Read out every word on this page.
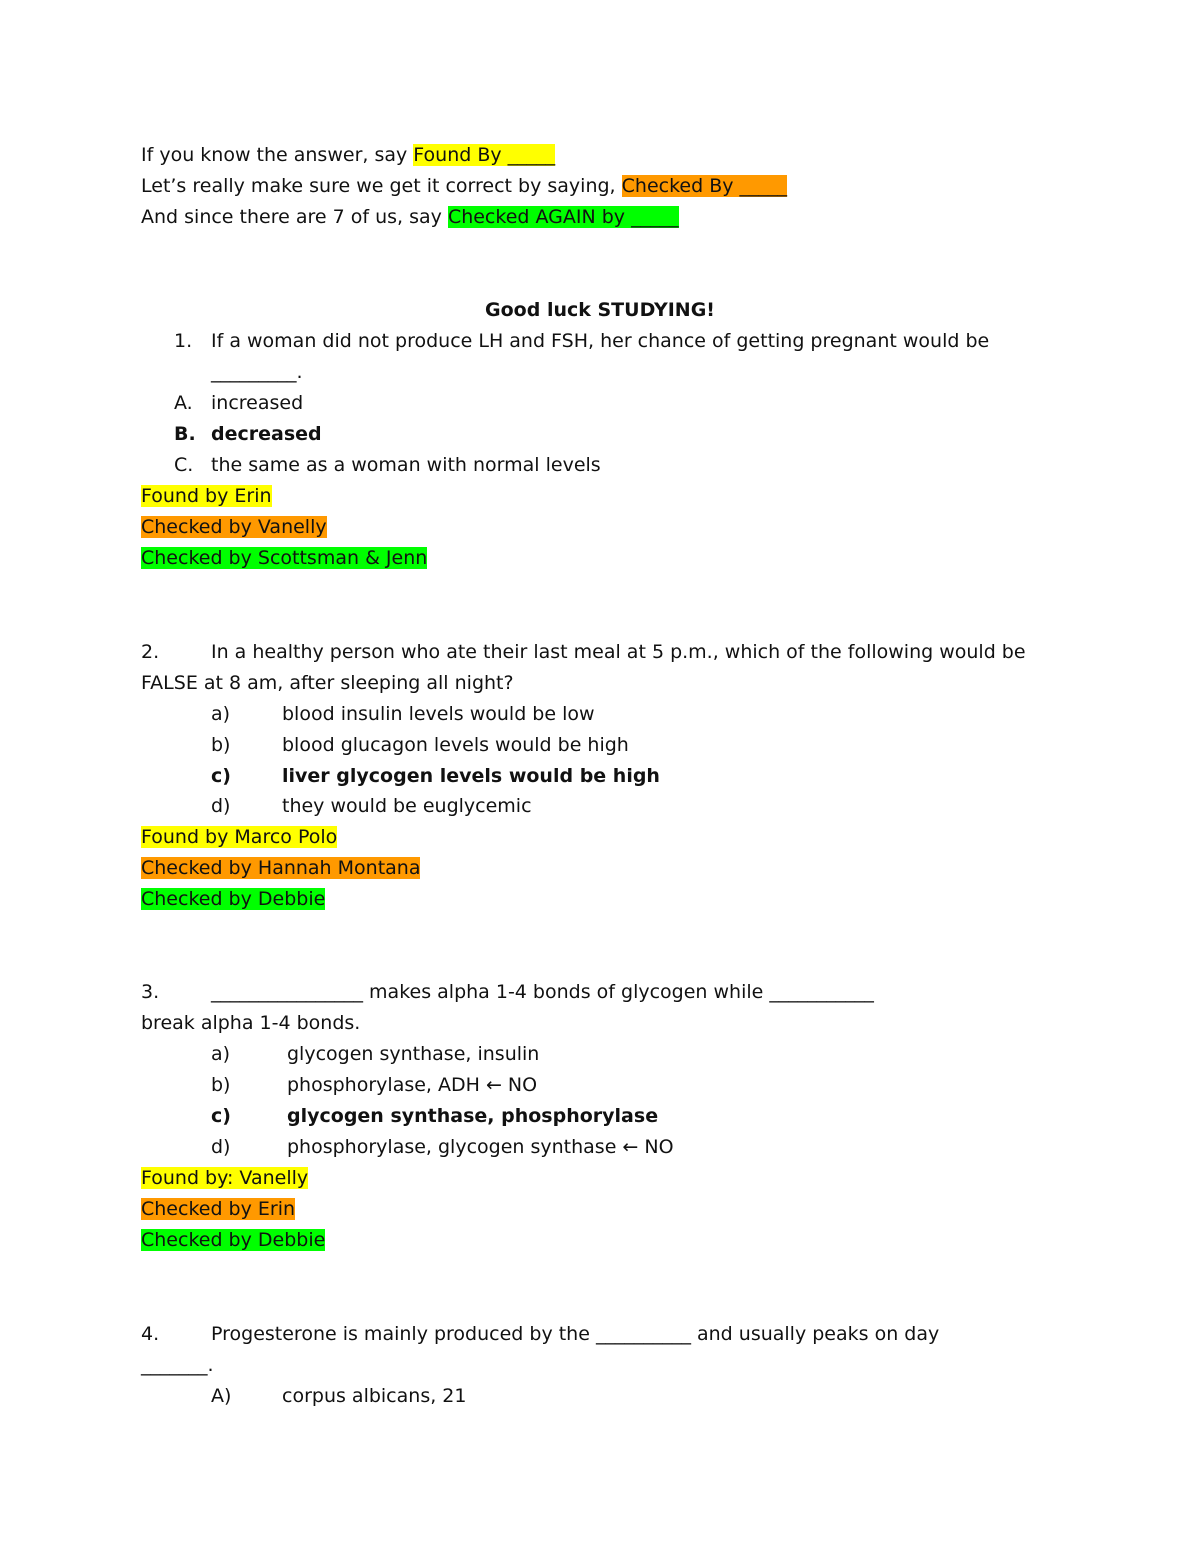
If you know the answer, say Found By _____
Let’s really make sure we get it correct by saying, Checked By _____
And since there are 7 of us, say Checked AGAIN by _____
Good luck STUDYING!
1. If a woman did not produce LH and FSH, her chance of getting pregnant would be
_________.
A. increased
B. decreased
C. the same as a woman with normal levels
Found by Erin
Checked by Vanelly
Checked by Scottsman & Jenn
2.	In a healthy person who ate their last meal at 5 p.m., which of the following would be
FALSE at 8 am, after sleeping all night?
a)	blood insulin levels would be low
b)	blood glucagon levels would be high
c)	liver glycogen levels would be high
d)	they would be euglycemic
Found by Marco Polo
Checked by Hannah Montana
Checked by Debbie
3.	________________ makes alpha 1-4 bonds of glycogen while ___________
break alpha 1-4 bonds.
a)	glycogen synthase, insulin
b)	phosphorylase, ADH ← NO
c)	glycogen synthase, phosphorylase
d)	phosphorylase, glycogen synthase ← NO
Found by: Vanelly
Checked by Erin
Checked by Debbie
4.	Progesterone is mainly produced by the __________ and usually peaks on day
_______.
A)	corpus albicans, 21
